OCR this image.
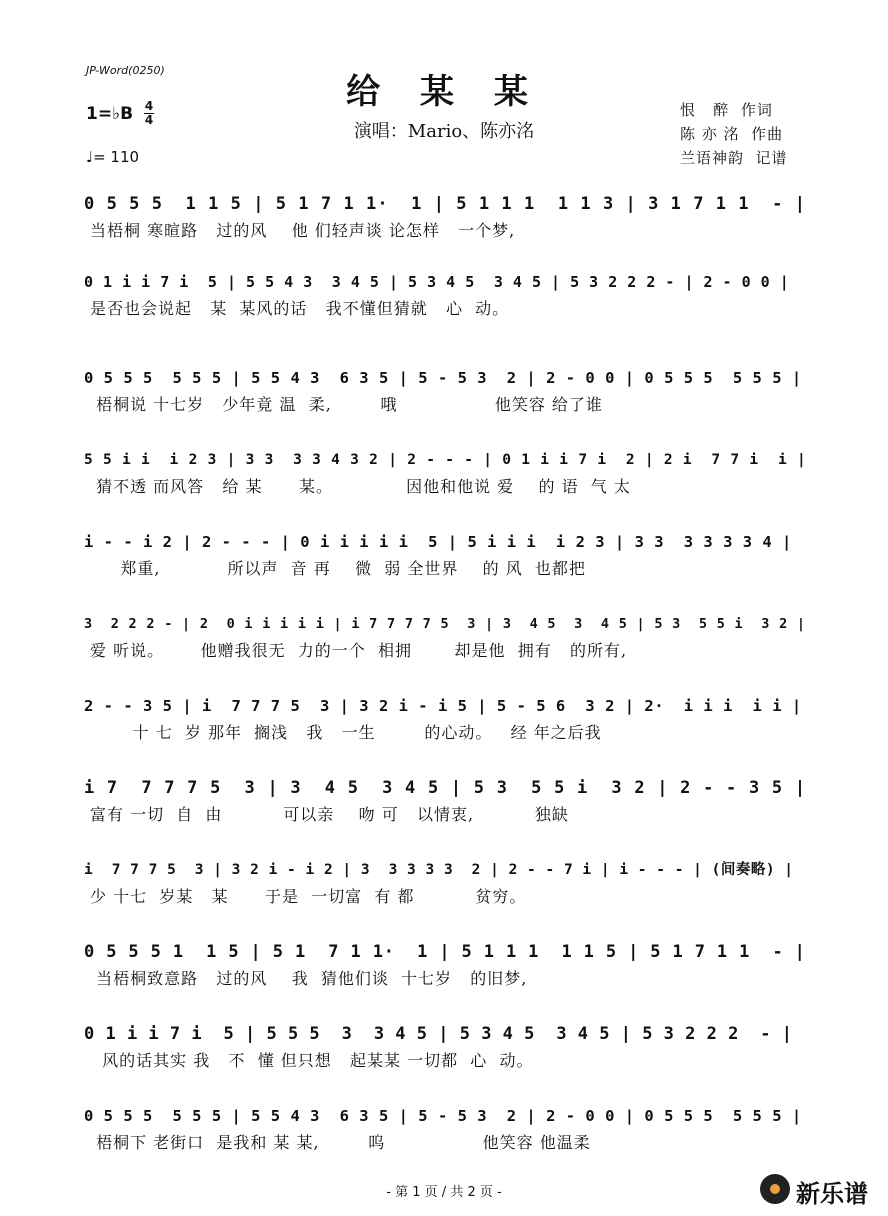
JP-Word(0250)
给 某 某
演唱：Mario、陈亦洺
1=♭B 4
4
♩= 110
恨   醉  作词
陈 亦 洺  作曲
兰语神韵  记谱
0 5 5 5  1 1 5 | 5 1 7 1 1·  1 | 5 1 1 1  1 1 3 | 3 1 7 1 1  - |
当梧桐 寒暄路   过的风    他 们轻声谈 论怎样   一个梦,
0 1 i i 7 i  5 | 5 5 4 3  3 4 5 | 5 3 4 5  3 4 5 | 5 3 2 2 2 - | 2 - 0 0 |
是否也会说起   某  某风的话   我不懂但猜就   心  动。
0 5 5 5  5 5 5 | 5 5 4 3  6 3 5 | 5 - 5 3  2 | 2 - 0 0 | 0 5 5 5  5 5 5 |
梧桐说 十七岁   少年竟 温  柔,        哦                他笑容 给了谁
5 5 i i  i 2 3 | 3 3  3 3 4 3 2 | 2 - - - | 0 1 i i 7 i  2 | 2 i  7 7 i  i |
猜不透 而风答   给 某      某。            因他和他说 爱    的 语  气 太
i - - i 2 | 2 - - - | 0 i i i i i  5 | 5 i i i  i 2 3 | 3 3  3 3 3 3 4 |
郑重,           所以声  音 再    微  弱 全世界    的 风  也都把
3  2 2 2 - | 2  0 i i i i i | i 7 7 7 7 5  3 | 3  4 5  3  4 5 | 5 3  5 5 i  3 2 |
爱 听说。      他赠我很无  力的一个  相拥       却是他  拥有   的所有,
2 - - 3 5 | i  7 7 7 5  3 | 3 2 i - i 5 | 5 - 5 6  3 2 | 2·  i i i  i i |
十 七  岁 那年  搁浅   我   一生        的心动。   经 年之后我
i 7  7 7 7 5  3 | 3  4 5  3 4 5 | 5 3  5 5 i  3 2 | 2 - - 3 5 |
富有 一切  自  由          可以亲    吻 可   以情衷,          独缺
i  7 7 7 5  3 | 3 2 i - i 2 | 3  3 3 3 3  2 | 2 - - 7 i | i - - - | (间奏略) |
少 十七  岁某   某      于是  一切富  有 都          贫穷。
0 5 5 5 1  1 5 | 5 1  7 1 1·  1 | 5 1 1 1  1 1 5 | 5 1 7 1 1  - |
当梧桐致意路   过的风    我  猜他们谈  十七岁   的旧梦,
0 1 i i 7 i  5 | 5 5 5  3  3 4 5 | 5 3 4 5  3 4 5 | 5 3 2 2 2  - |
风的话其实 我   不  懂 但只想   起某某 一切都  心  动。
0 5 5 5  5 5 5 | 5 5 4 3  6 3 5 | 5 - 5 3  2 | 2 - 0 0 | 0 5 5 5  5 5 5 |
梧桐下 老街口  是我和 某 某,        呜                他笑容 他温柔
- 第 1 页 / 共 2 页 -	新乐谱
